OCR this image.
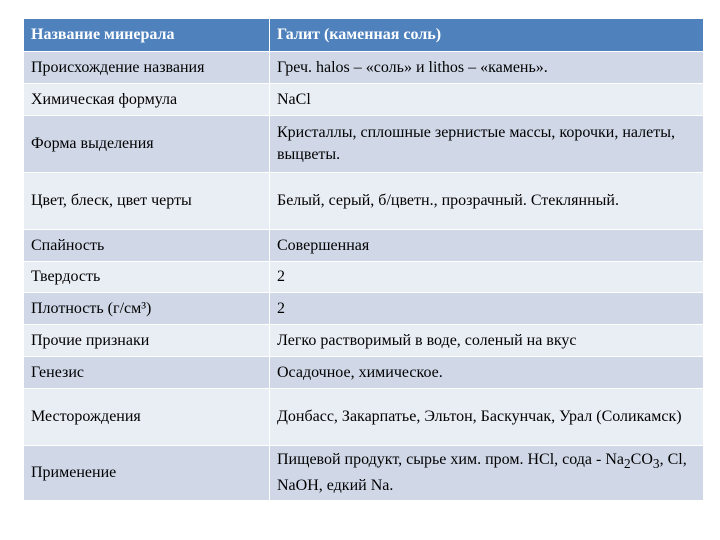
Название минерала	Галит (каменная соль)
Происхождение названия	Греч. halos – «соль» и lithos – «камень».
Химическая формула	NaCl
Форма выделения	Кристаллы, сплошные зернистые массы, корочки, налеты, выцветы.
Цвет, блеск, цвет черты	Белый, серый, б/цветн., прозрачный. Стеклянный.
Спайность	Совершенная
Твердость	2
Плотность (г/см³)	2
Прочие признаки	Легко растворимый в воде, соленый на вкус
Генезис	Осадочное, химическое.
Месторождения	Донбасс, Закарпатье, Эльтон, Баскунчак, Урал (Соликамск)
Применение	Пищевой продукт, сырье хим. пром. HCl, сода - $Na_2CO_3$, Cl, NaOH, едкий Na.
